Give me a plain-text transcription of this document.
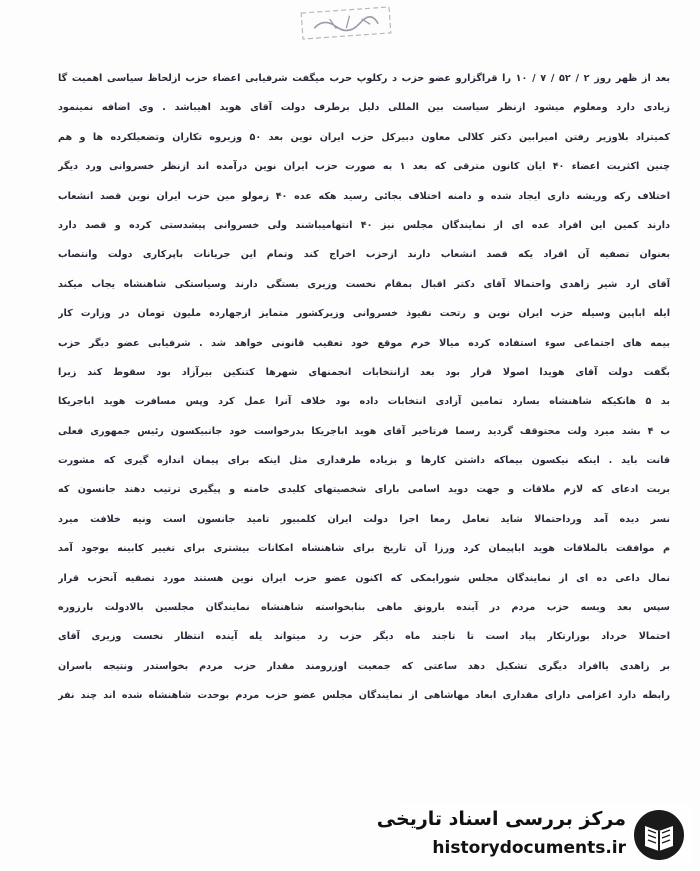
بعد از ظهر روز ۲ / ۵۲ / ۷ / ۱۰ را قراگزارو عضو حزب د رکلوپ حرب میگفت شرفیابی اعضاء حزب ازلحاظ سیاسی اهمیت گا
زیادی دارد ومعلوم میشود ازنظر سیاست بین المللی دلیل برطرف دولت آقای هوید اهیباشد . وی اضافه نمینمود
کمیتراد بلاوزیر رفتن امیرابین دکتر کلالی معاون دبیرکل حزب ایران نوین بعد ۵۰ وزیروه تکاران وتضعیلکرده ها و هم
چنین اکثریت اعضاء ۴۰ ایان کانون مترقی که بعد ۱ به صورت حزب ایران نوین درآمده اند ازنظر خسروانی ورد دیگر
اختلاف رکه وریشه داری ایجاد شده و دامنه اختلاف بجائی رسید هکه عده ۴۰ زمولو مین حزب ایران نوین قصد انشعاب
دارند کمین این افراد عده ای از نمایندگان مجلس نیز ۴۰ انتهامیباشند ولی خسروانی پیشدستی کرده و قصد دارد
بعنوان تصفیه آن افراد یکه قصد انشعاب دارند ازحزب اخراج کند وتمام این جریانات باپرکاری دولت وانتصاب
آقای ارد شیر زاهدی واحتمالا آقای دکتر اقبال بمقام نخست وزیری بستگی دارند وسیاستکی شاهنشاه یجاب میکند
ایله اباپین وسیله حزب ایران نوین و رتحت نفیوذ خسروانی وزیرکشور متمایز ازجهارده ملیون تومان در وزارت کار
بیمه های اجتماعی سوء استفاده کرده میالا خرم موقع خود تعقیب قانونی خواهد شد . شرفیابی عضو دیگر حزب
بگفت دولت آقای هویدا اصولا قرار بود بعد ازانتخابات انجمنهای شهرها کتنکین بیرآزاد بود سقوط کند زیرا
بد ۵ هانکیکه شاهنشاه بسارد تمامین آزادی انتخابات داده بود خلاف آنرا عمل کرد وپس مسافرت هوید اباجریکا
ب ۴ بشد میرد ولت محتوقف گردید رسما فرتاخیر آقای هوید اباجریکا بدرخواست خود جانبیکسون رئیس جمهوری فعلی
قانت باید . اینکه نیکسون بیماکه داشتن کارها و بزیاده طرفداری مثل اینکه برای پیمان اندازه گیری که مشورت
بریت ادعای که لازم ملاقات و جهت دوید اسامی بارای شخصیتهای کلیدی خامنه و پیگیری ترتیب دهند جانسون که
نسر دیده آمد ورداحتمالا شاید تعامل رمعا اجرا دولت ایران کلمبیور تامید جانسون است ونیه خلافت میرد
م موافقت بالملاقات هوید اباپیمان کرد ورزا آن تاریخ برای شاهنشاه امکانات بیشتری برای تغییر کابینه بوجود آمد
نمال داعی ده ای از نمایندگان مجلس شورایمکی که اکنون عضو حزب ایران نوین هستند مورد تصفیه آنحزب قرار
سپس بعد ویسه حزب مردم در آینده بارونق ماهی بنابخواسته شاهنشاه نمایندگان مجلسین بالادولت بارزوره
احتمالا خرداد بوزارتکار پیاد است تا تاجند ماه دیگر حزب رد میتواند یله آینده انتظار نخست وزیری آقای
بر زاهدی یاافراد دیگری تشکیل دهد ساعتی که جمعیت اوزرومند مقدار حزب مردم بخواستدر ونتیجه باسران
رابطه دارد اعزامی دارای مقداری ابعاد مهاشاهی از نمایندگان مجلس عضو حزب مردم بوحدت شاهنشاه شده اند چند نفر
مرکز بررسی اسناد تاریخی
historydocuments.ir
